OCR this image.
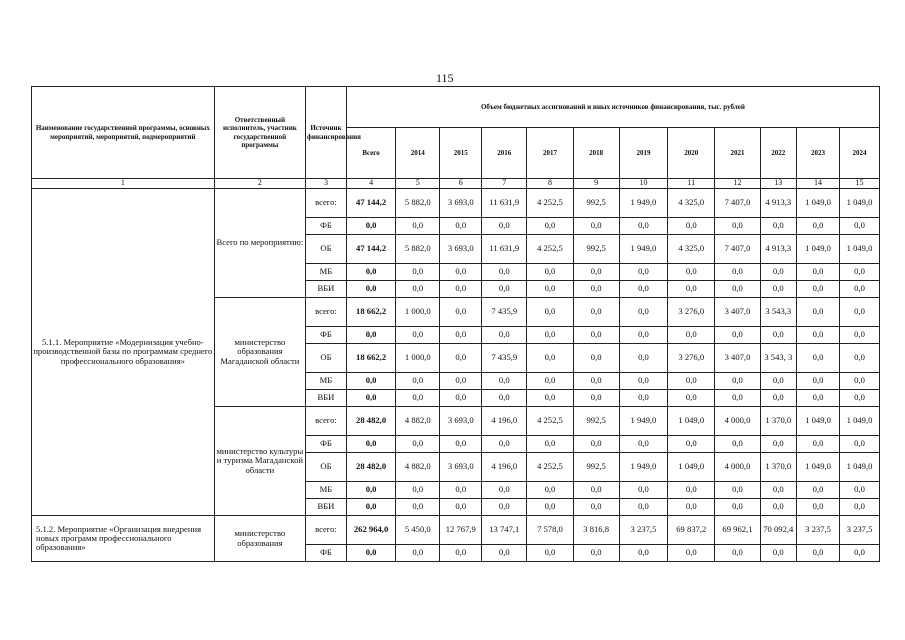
115
Наименование государственной программы, основных мероприятий, мероприятий, подмероприятий	Ответственный исполнитель, участник государственной программы	Источник финансирования	Объем бюджетных ассигнований и иных источников финансирования, тыс. рублей											
			Всего	2014	2015	2016	2017	2018	2019	2020	2021	2022	2023	2024
1	2	3	4	5	6	7	8	9	10	11	12	13	14	15
5.1.1. Мероприятие «Модернизация учебно-производственной базы по программам среднего профессионального образования»	Всего по мероприятию:	всего:	47 144,2	5 882,0	3 693,0	11 631,9	4 252,5	992,5	1 949,0	4 325,0	7 407,0	4 913,3	1 049,0	1 049,0
		ФБ	0,0	0,0	0,0	0,0	0,0	0,0	0,0	0,0	0,0	0,0	0,0	0,0
		ОБ	47 144,2	5 882,0	3 693,0	11 631,9	4 252,5	992,5	1 949,0	4 325,0	7 407,0	4 913,3	1 049,0	1 049,0
		МБ	0,0	0,0	0,0	0,0	0,0	0,0	0,0	0,0	0,0	0,0	0,0	0,0
		ВБИ	0,0	0,0	0,0	0,0	0,0	0,0	0,0	0,0	0,0	0,0	0,0	0,0
	министерство образования Магаданской области	всего:	18 662,2	1 000,0	0,0	7 435,9	0,0	0,0	0,0	3 276,0	3 407,0	3 543,3	0,0	0,0
		ФБ	0,0	0,0	0,0	0,0	0,0	0,0	0,0	0,0	0,0	0,0	0,0	0,0
		ОБ	18 662,2	1 000,0	0,0	7 435,9	0,0	0,0	0,0	3 276,0	3 407,0	3 543, 3	0,0	0,0
		МБ	0,0	0,0	0,0	0,0	0,0	0,0	0,0	0,0	0,0	0,0	0,0	0,0
		ВБИ	0,0	0,0	0,0	0,0	0,0	0,0	0,0	0,0	0,0	0,0	0,0	0,0
	министерство культуры и туризма Магаданской области	всего:	28 482,0	4 882,0	3 693,0	4 196,0	4 252,5	992,5	1 949,0	1 049,0	4 000,0	1 370,0	1 049,0	1 049,0
		ФБ	0,0	0,0	0,0	0,0	0,0	0,0	0,0	0,0	0,0	0,0	0,0	0,0
		ОБ	28 482,0	4 882,0	3 693,0	4 196,0	4 252,5	992,5	1 949,0	1 049,0	4 000,0	1 370,0	1 049,0	1 049,0
		МБ	0,0	0,0	0,0	0,0	0,0	0,0	0,0	0,0	0,0	0,0	0,0	0,0
		ВБИ	0,0	0,0	0,0	0,0	0,0	0,0	0,0	0,0	0,0	0,0	0,0	0,0
5.1.2. Мероприятие «Организация внедрения новых программ профессионального образования»	министерство образования	всего:	262 964,0	5 450,0	12 767,9	13 747,1	7 578,0	3 816,8	3 237,5	69 837,2	69 962,1	70 092,4	3 237,5	3 237,5
		ФБ	0,0	0,0	0,0	0,0	0,0	0,0	0,0	0,0	0,0	0,0	0,0	0,0
